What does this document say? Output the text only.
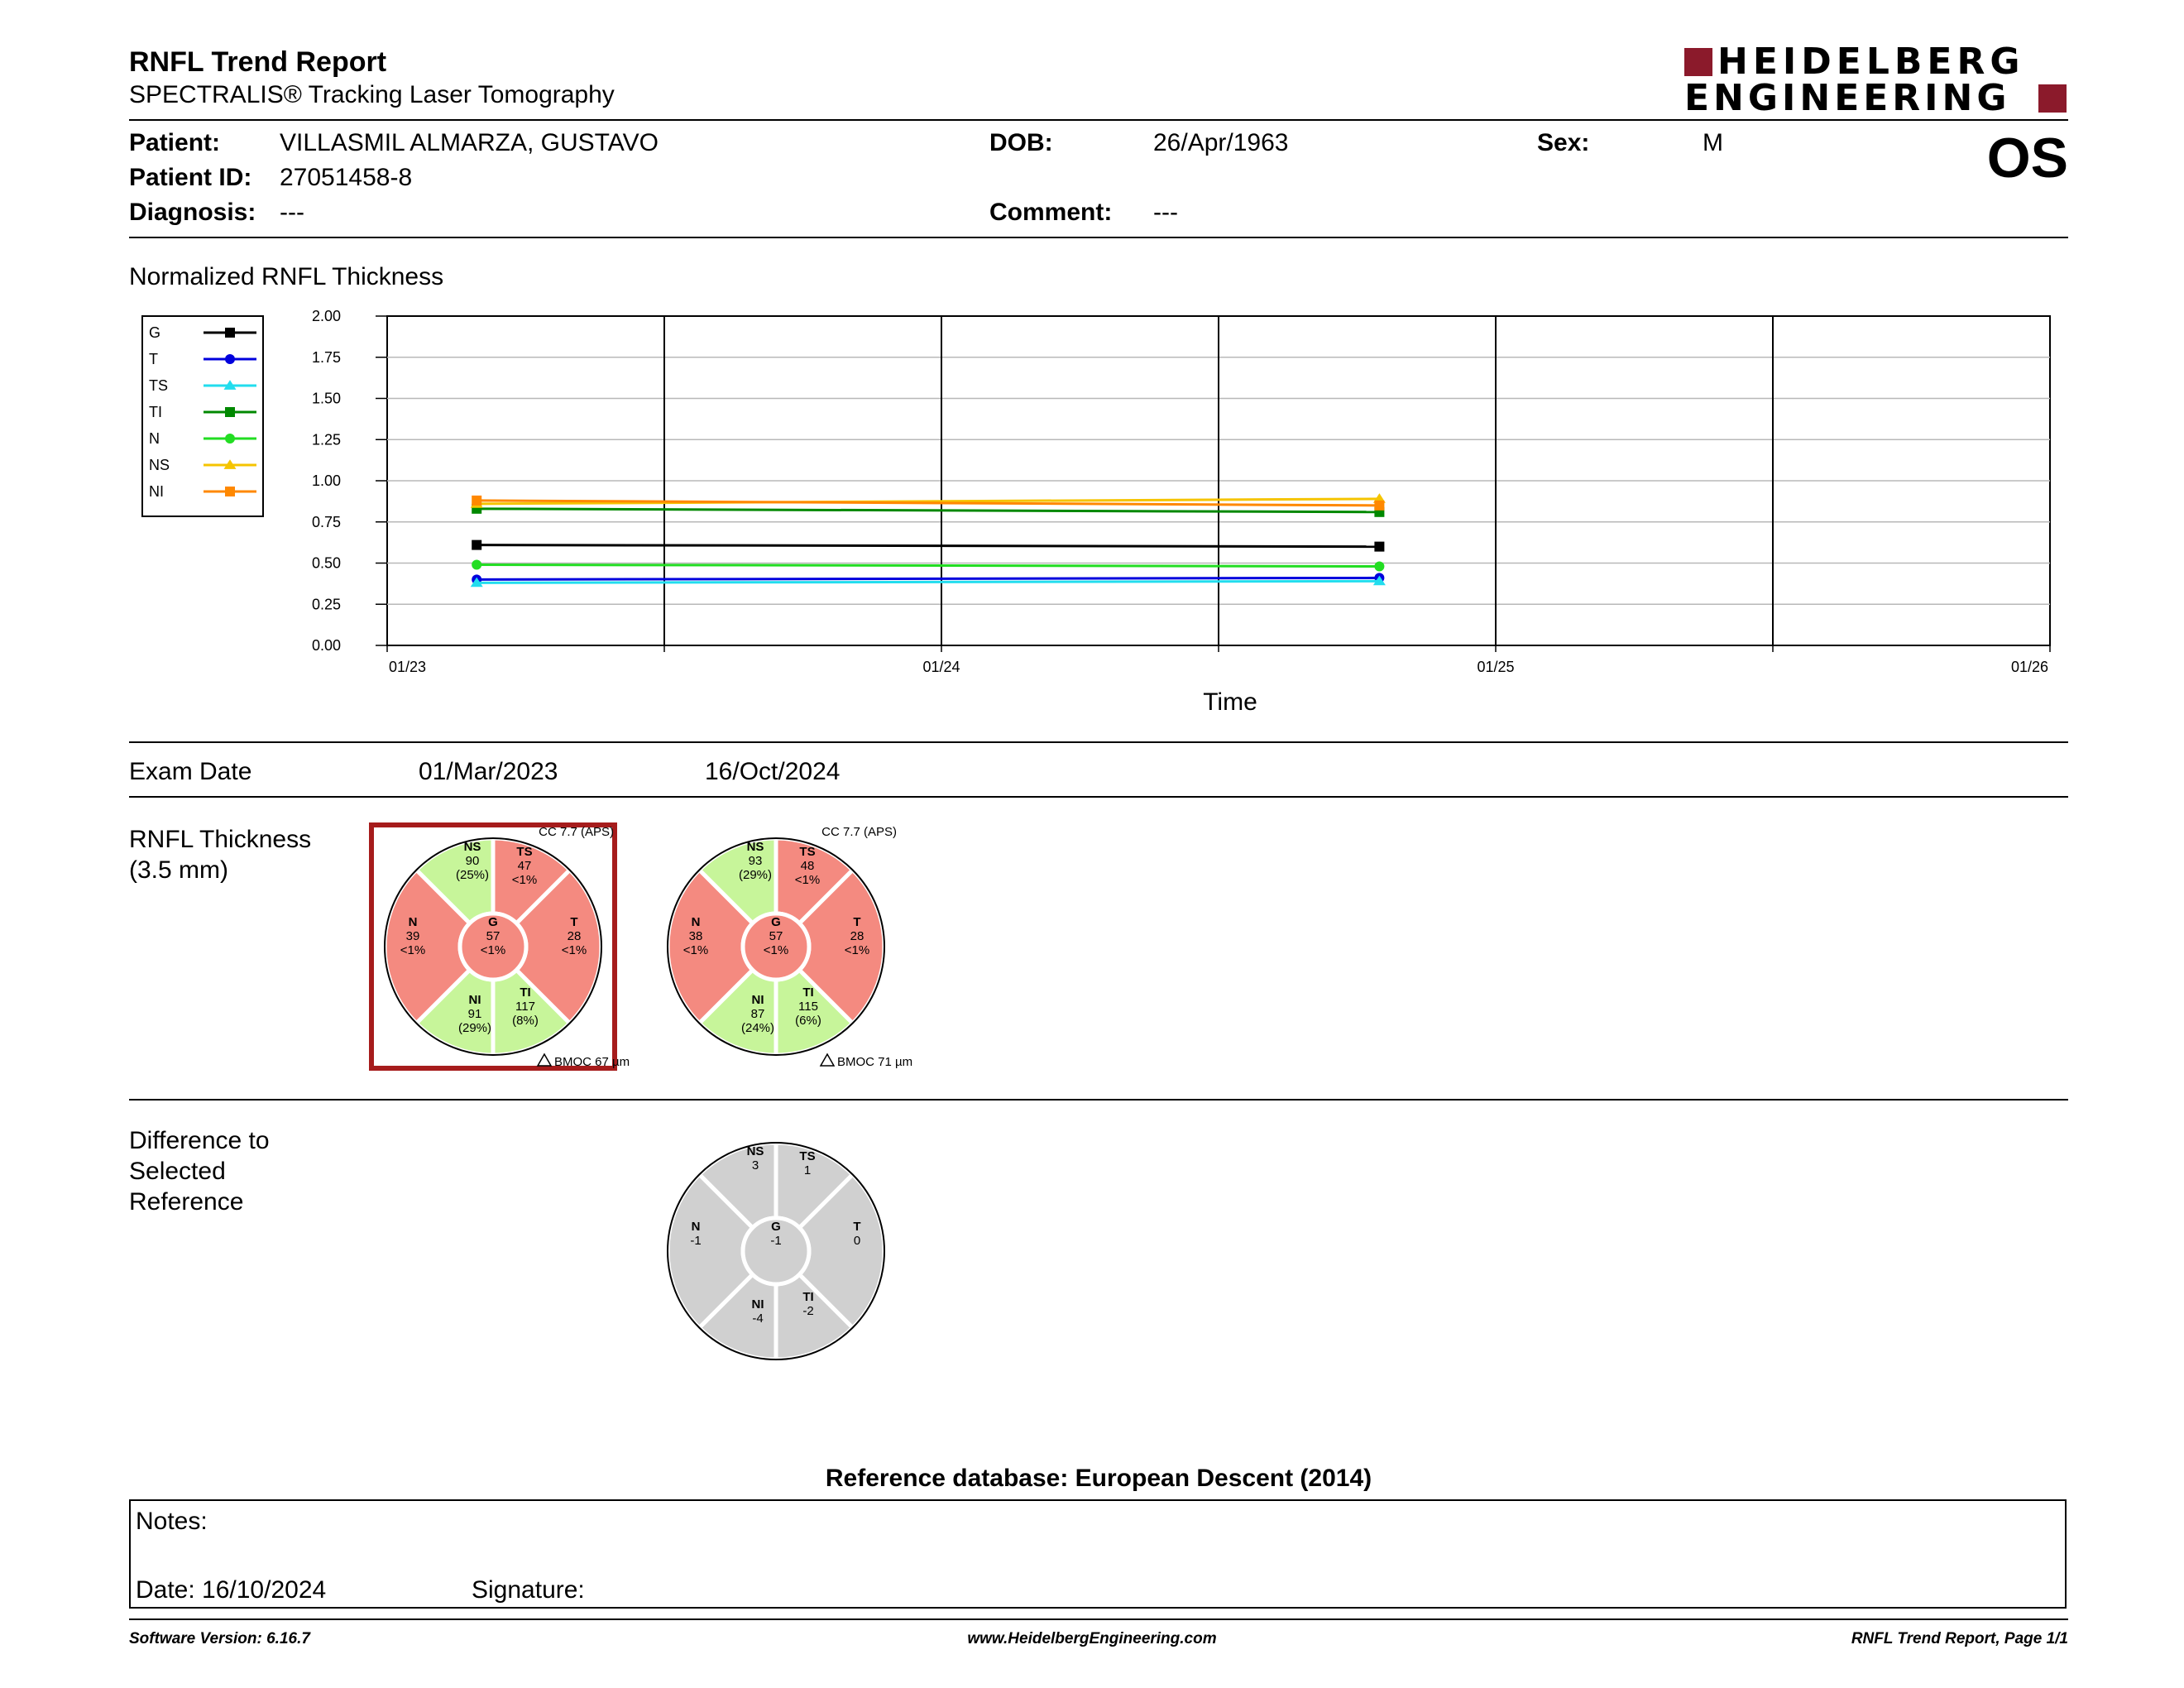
RNFL Trend Report
SPECTRALIS® Tracking Laser Tomography
HEIDELBERG
ENGINEERING
Patient: VILLASMIL ALMARZA, GUSTAVO
Patient ID: 27051458-8
Diagnosis: ---
DOB:	26/Apr/1963
Comment: ---
Sex:	M	OS
Normalized RNFL Thickness
0.00
0.25
0.50
0.75
1.00
1.25
1.50
1.75
2.00
01/23	01/24	01/25	01/26
Time
G
T
TS
TI
N
NS
NI
Exam Date	01/Mar/2023	16/Oct/2024
RNFL Thickness
(3.5 mm)
NS
90
(25%)
TS
47
<1%
T
28
<1%
TI
117
(8%)
NI
91
(29%)
N
39
<1%
G
57
<1%
CC 7.7 (APS)
BMOC 67 µm
NS
93
(29%)
TS
48
<1%
T
28
<1%
TI
115
(6%)
NI
87
(24%)
N
38
<1%
G
57
<1%
CC 7.7 (APS)
BMOC 71 µm
Difference to
Selected
Reference
NS
3
TS
1
T
0
TI
-2
NI
-4
N
-1
G
-1
Reference database: European Descent (2014)
Notes:
Date: 16/10/2024	Signature:
Software Version: 6.16.7	www.HeidelbergEngineering.com	RNFL Trend Report, Page 1/1
